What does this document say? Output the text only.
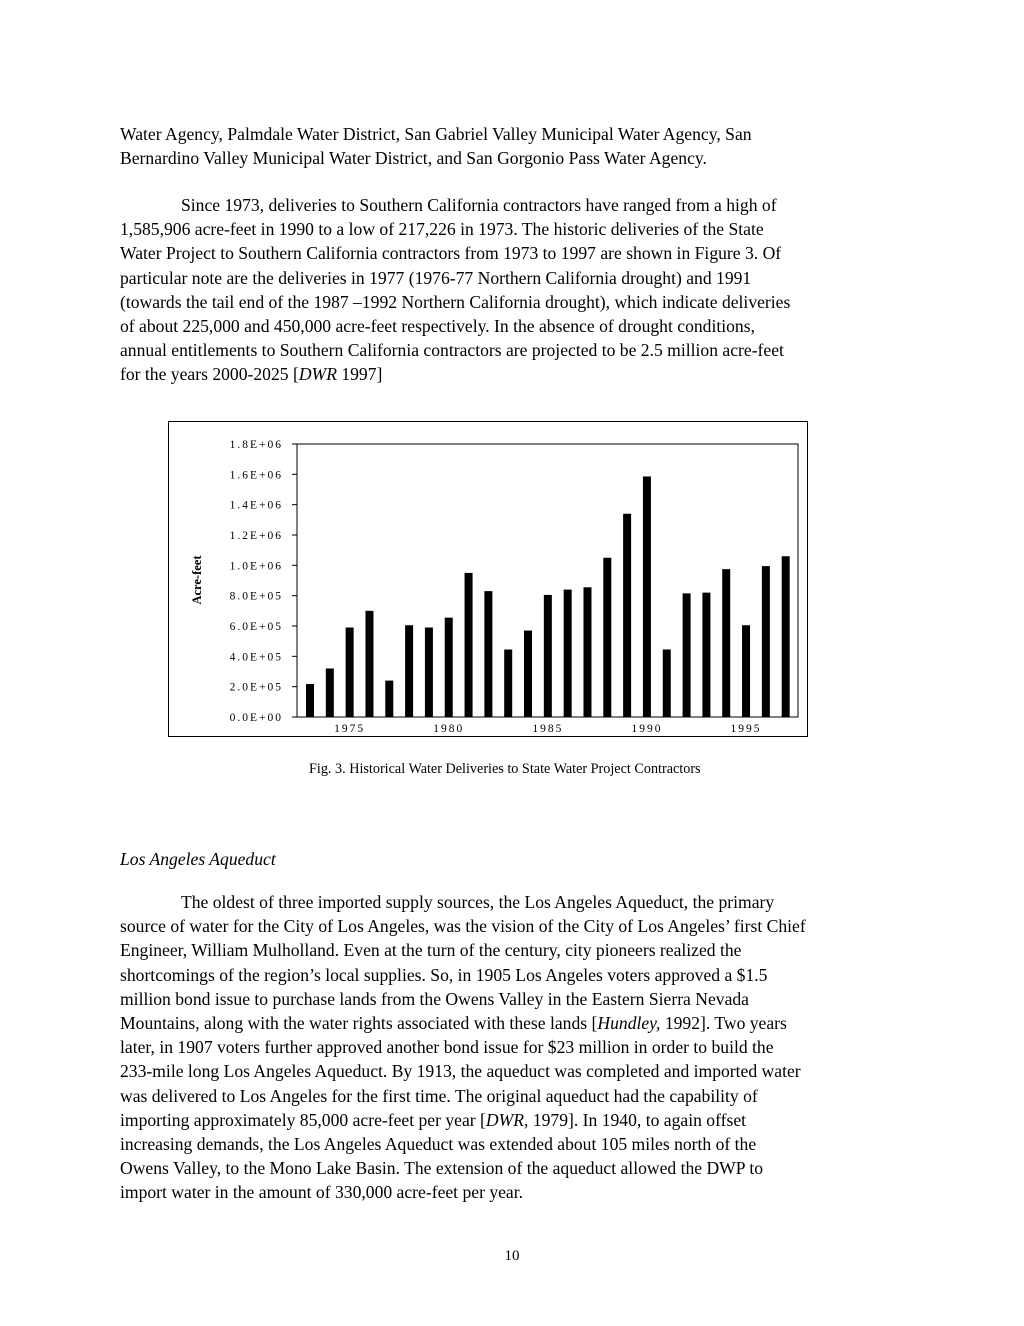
Water Agency, Palmdale Water District, San Gabriel Valley Municipal Water Agency, San
Bernardino Valley Municipal Water District, and San Gorgonio Pass Water Agency.
Since 1973, deliveries to Southern California contractors have ranged from a high of
1,585,906 acre-feet in 1990 to a low of 217,226 in 1973. The historic deliveries of the State
Water Project to Southern California contractors from 1973 to 1997 are shown in Figure 3. Of
particular note are the deliveries in 1977 (1976-77 Northern California drought) and 1991
(towards the tail end of the 1987 –1992 Northern California drought), which indicate deliveries
of about 225,000 and 450,000 acre-feet respectively. In the absence of drought conditions,
annual entitlements to Southern California contractors are projected to be 2.5 million acre-feet
for the years 2000-2025 [DWR 1997]
0.0E+00
2.0E+05
4.0E+05
6.0E+05
8.0E+05
1.0E+06
1.2E+06
1.4E+06
1.6E+06
1.8E+06
1975	1980	1985	1990	1995
Acre-feet
Fig. 3. Historical Water Deliveries to State Water Project Contractors
Los Angeles Aqueduct
The oldest of three imported supply sources, the Los Angeles Aqueduct, the primary
source of water for the City of Los Angeles, was the vision of the City of Los Angeles’ first Chief
Engineer, William Mulholland. Even at the turn of the century, city pioneers realized the
shortcomings of the region’s local supplies. So, in 1905 Los Angeles voters approved a $1.5
million bond issue to purchase lands from the Owens Valley in the Eastern Sierra Nevada
Mountains, along with the water rights associated with these lands [Hundley, 1992]. Two years
later, in 1907 voters further approved another bond issue for $23 million in order to build the
233-mile long Los Angeles Aqueduct. By 1913, the aqueduct was completed and imported water
was delivered to Los Angeles for the first time. The original aqueduct had the capability of
importing approximately 85,000 acre-feet per year [DWR, 1979]. In 1940, to again offset
increasing demands, the Los Angeles Aqueduct was extended about 105 miles north of the
Owens Valley, to the Mono Lake Basin. The extension of the aqueduct allowed the DWP to
import water in the amount of 330,000 acre-feet per year.
10
